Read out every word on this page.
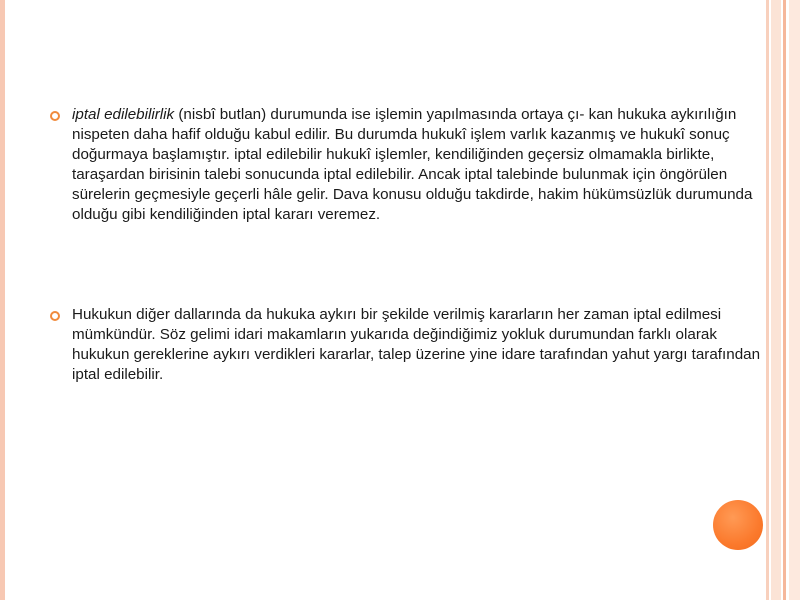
iptal edilebilirlik (nisbî butlan) durumunda ise işlemin yapılmasında ortaya çı- kan hukuka aykırılığın nispeten daha hafif olduğu kabul edilir. Bu durumda hukukî işlem varlık kazanmış ve hukukî sonuç doğurmaya başlamıştır. iptal edilebilir hukukî işlemler, kendiliğinden geçersiz olmamakla birlikte, taraşardan birisinin talebi sonucunda iptal edilebilir. Ancak iptal talebinde bulunmak için öngörülen sürelerin geçmesiyle geçerli hâle gelir. Dava konusu olduğu takdirde, hakim hükümsüzlük durumunda olduğu gibi kendiliğinden iptal kararı veremez.
Hukukun diğer dallarında da hukuka aykırı bir şekilde verilmiş kararların her zaman iptal edilmesi mümkündür. Söz gelimi idari makamların yukarıda değindiğimiz yokluk durumundan farklı olarak hukukun gereklerine aykırı verdikleri kararlar, talep üzerine yine idare tarafından yahut yargı tarafından iptal edilebilir.
